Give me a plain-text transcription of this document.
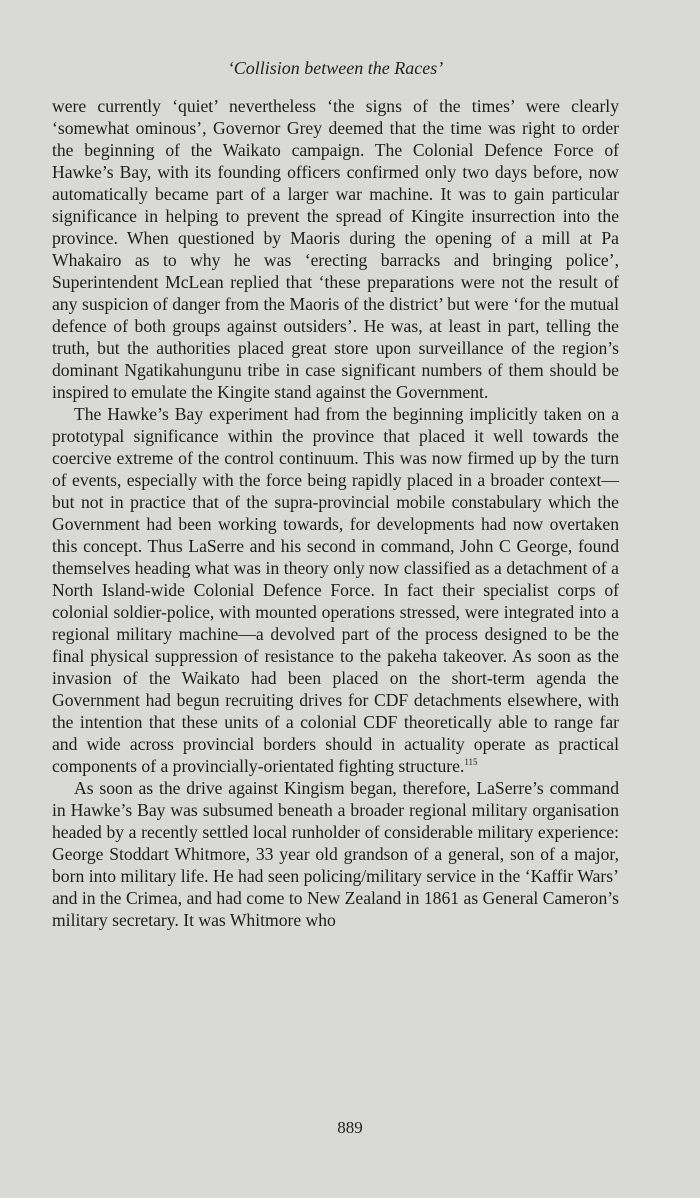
‘Collision between the Races’

were currently ‘quiet’ nevertheless ‘the signs of the times’ were clearly ‘somewhat ominous’, Governor Grey deemed that the time was right to order the beginning of the Waikato campaign. The Colonial Defence Force of Hawke’s Bay, with its founding officers confirmed only two days before, now automatically became part of a larger war machine. It was to gain particular significance in helping to prevent the spread of Kingite insurrection into the province. When questioned by Maoris during the opening of a mill at Pa Whakairo as to why he was ‘erecting barracks and bringing police’, Superintendent McLean replied that ‘these preparations were not the result of any suspicion of danger from the Maoris of the district’ but were ‘for the mutual defence of both groups against outsiders’. He was, at least in part, telling the truth, but the authorities placed great store upon surveillance of the region’s dominant Ngatikahungunu tribe in case significant numbers of them should be inspired to emulate the Kingite stand against the Government.

The Hawke’s Bay experiment had from the beginning implicitly taken on a prototypal significance within the province that placed it well towards the coercive extreme of the control continuum. This was now firmed up by the turn of events, especially with the force being rapidly placed in a broader context—but not in practice that of the supra-provincial mobile constabulary which the Government had been working towards, for developments had now overtaken this concept. Thus LaSerre and his second in command, John C George, found themselves heading what was in theory only now classified as a detachment of a North Island-wide Colonial Defence Force. In fact their specialist corps of colonial soldier-police, with mounted operations stressed, were integrated into a regional military machine—a devolved part of the process designed to be the final physical suppression of resistance to the pakeha takeover. As soon as the invasion of the Waikato had been placed on the short-term agenda the Government had begun recruiting drives for CDF detachments elsewhere, with the intention that these units of a colonial CDF theoretically able to range far and wide across provincial borders should in actuality operate as practical components of a provincially-orientated fighting structure.$^{115}$

As soon as the drive against Kingism began, therefore, LaSerre’s command in Hawke’s Bay was subsumed beneath a broader regional military organisation headed by a recently settled local runholder of considerable military experience: George Stoddart Whitmore, 33 year old grandson of a general, son of a major, born into military life. He had seen policing/military service in the ‘Kaffir Wars’ and in the Crimea, and had come to New Zealand in 1861 as General Cameron’s military secretary. It was Whitmore who

889
